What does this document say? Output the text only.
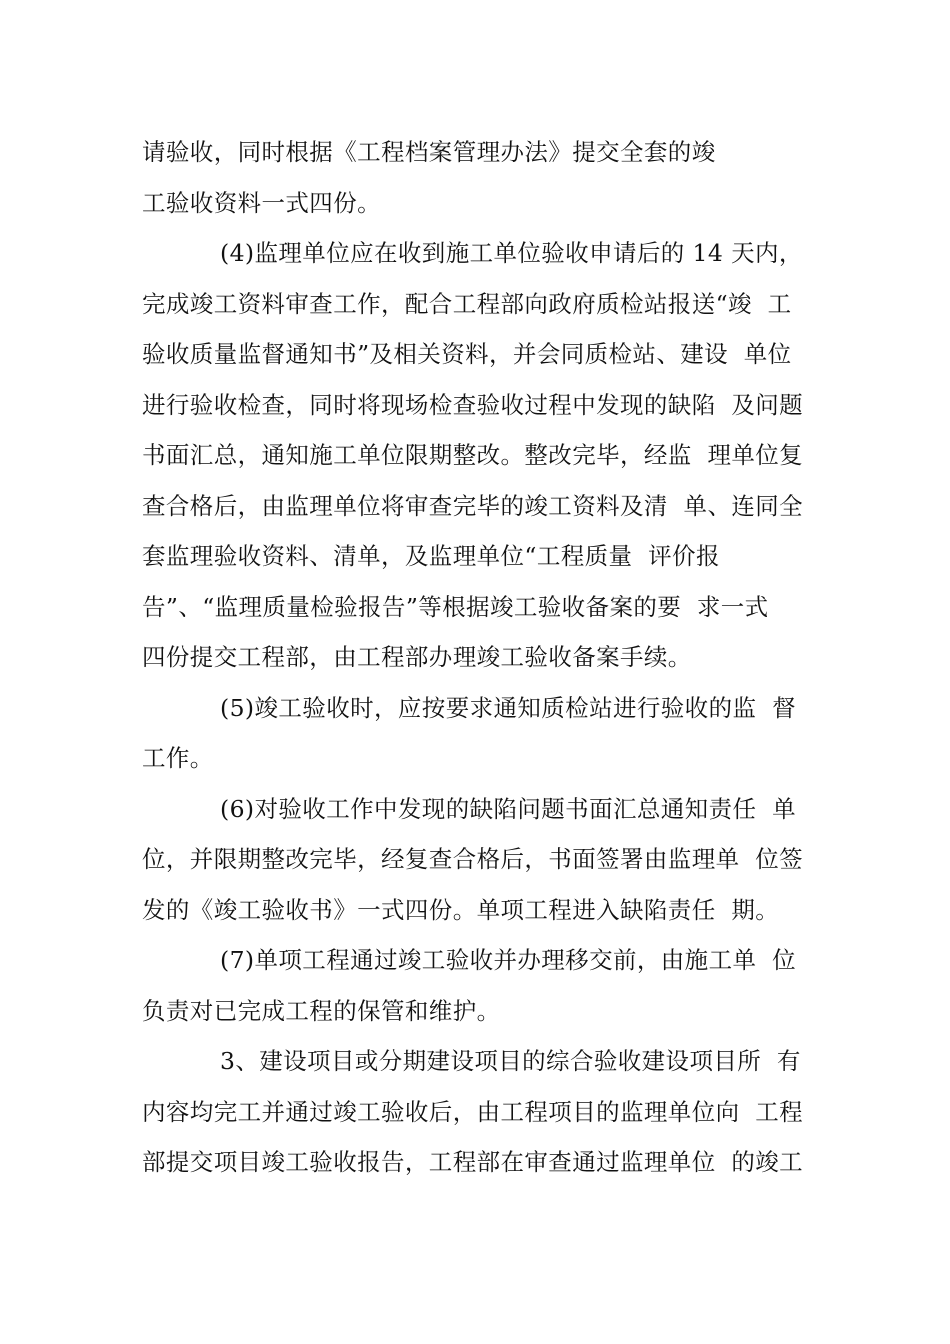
请验收，同时根据《工程档案管理办法》提交全套的竣
工验收资料一式四份。
(4)监理单位应在收到施工单位验收申请后的 14 天内，
完成竣工资料审查工作，配合工程部向政府质检站报送“竣  工
验收质量监督通知书”及相关资料，并会同质检站、建设  单位
进行验收检查，同时将现场检查验收过程中发现的缺陷  及问题
书面汇总，通知施工单位限期整改。整改完毕，经监  理单位复
查合格后，由监理单位将审查完毕的竣工资料及清  单、连同全
套监理验收资料、清单，及监理单位“工程质量  评价报
告”、“监理质量检验报告”等根据竣工验收备案的要  求一式
四份提交工程部，由工程部办理竣工验收备案手续。
(5)竣工验收时，应按要求通知质检站进行验收的监  督
工作。
(6)对验收工作中发现的缺陷问题书面汇总通知责任  单
位，并限期整改完毕，经复查合格后，书面签署由监理单  位签
发的《竣工验收书》一式四份。单项工程进入缺陷责任  期。
(7)单项工程通过竣工验收并办理移交前，由施工单  位
负责对已完成工程的保管和维护。
3、建设项目或分期建设项目的综合验收建设项目所  有
内容均完工并通过竣工验收后，由工程项目的监理单位向  工程
部提交项目竣工验收报告，工程部在审查通过监理单位  的竣工
